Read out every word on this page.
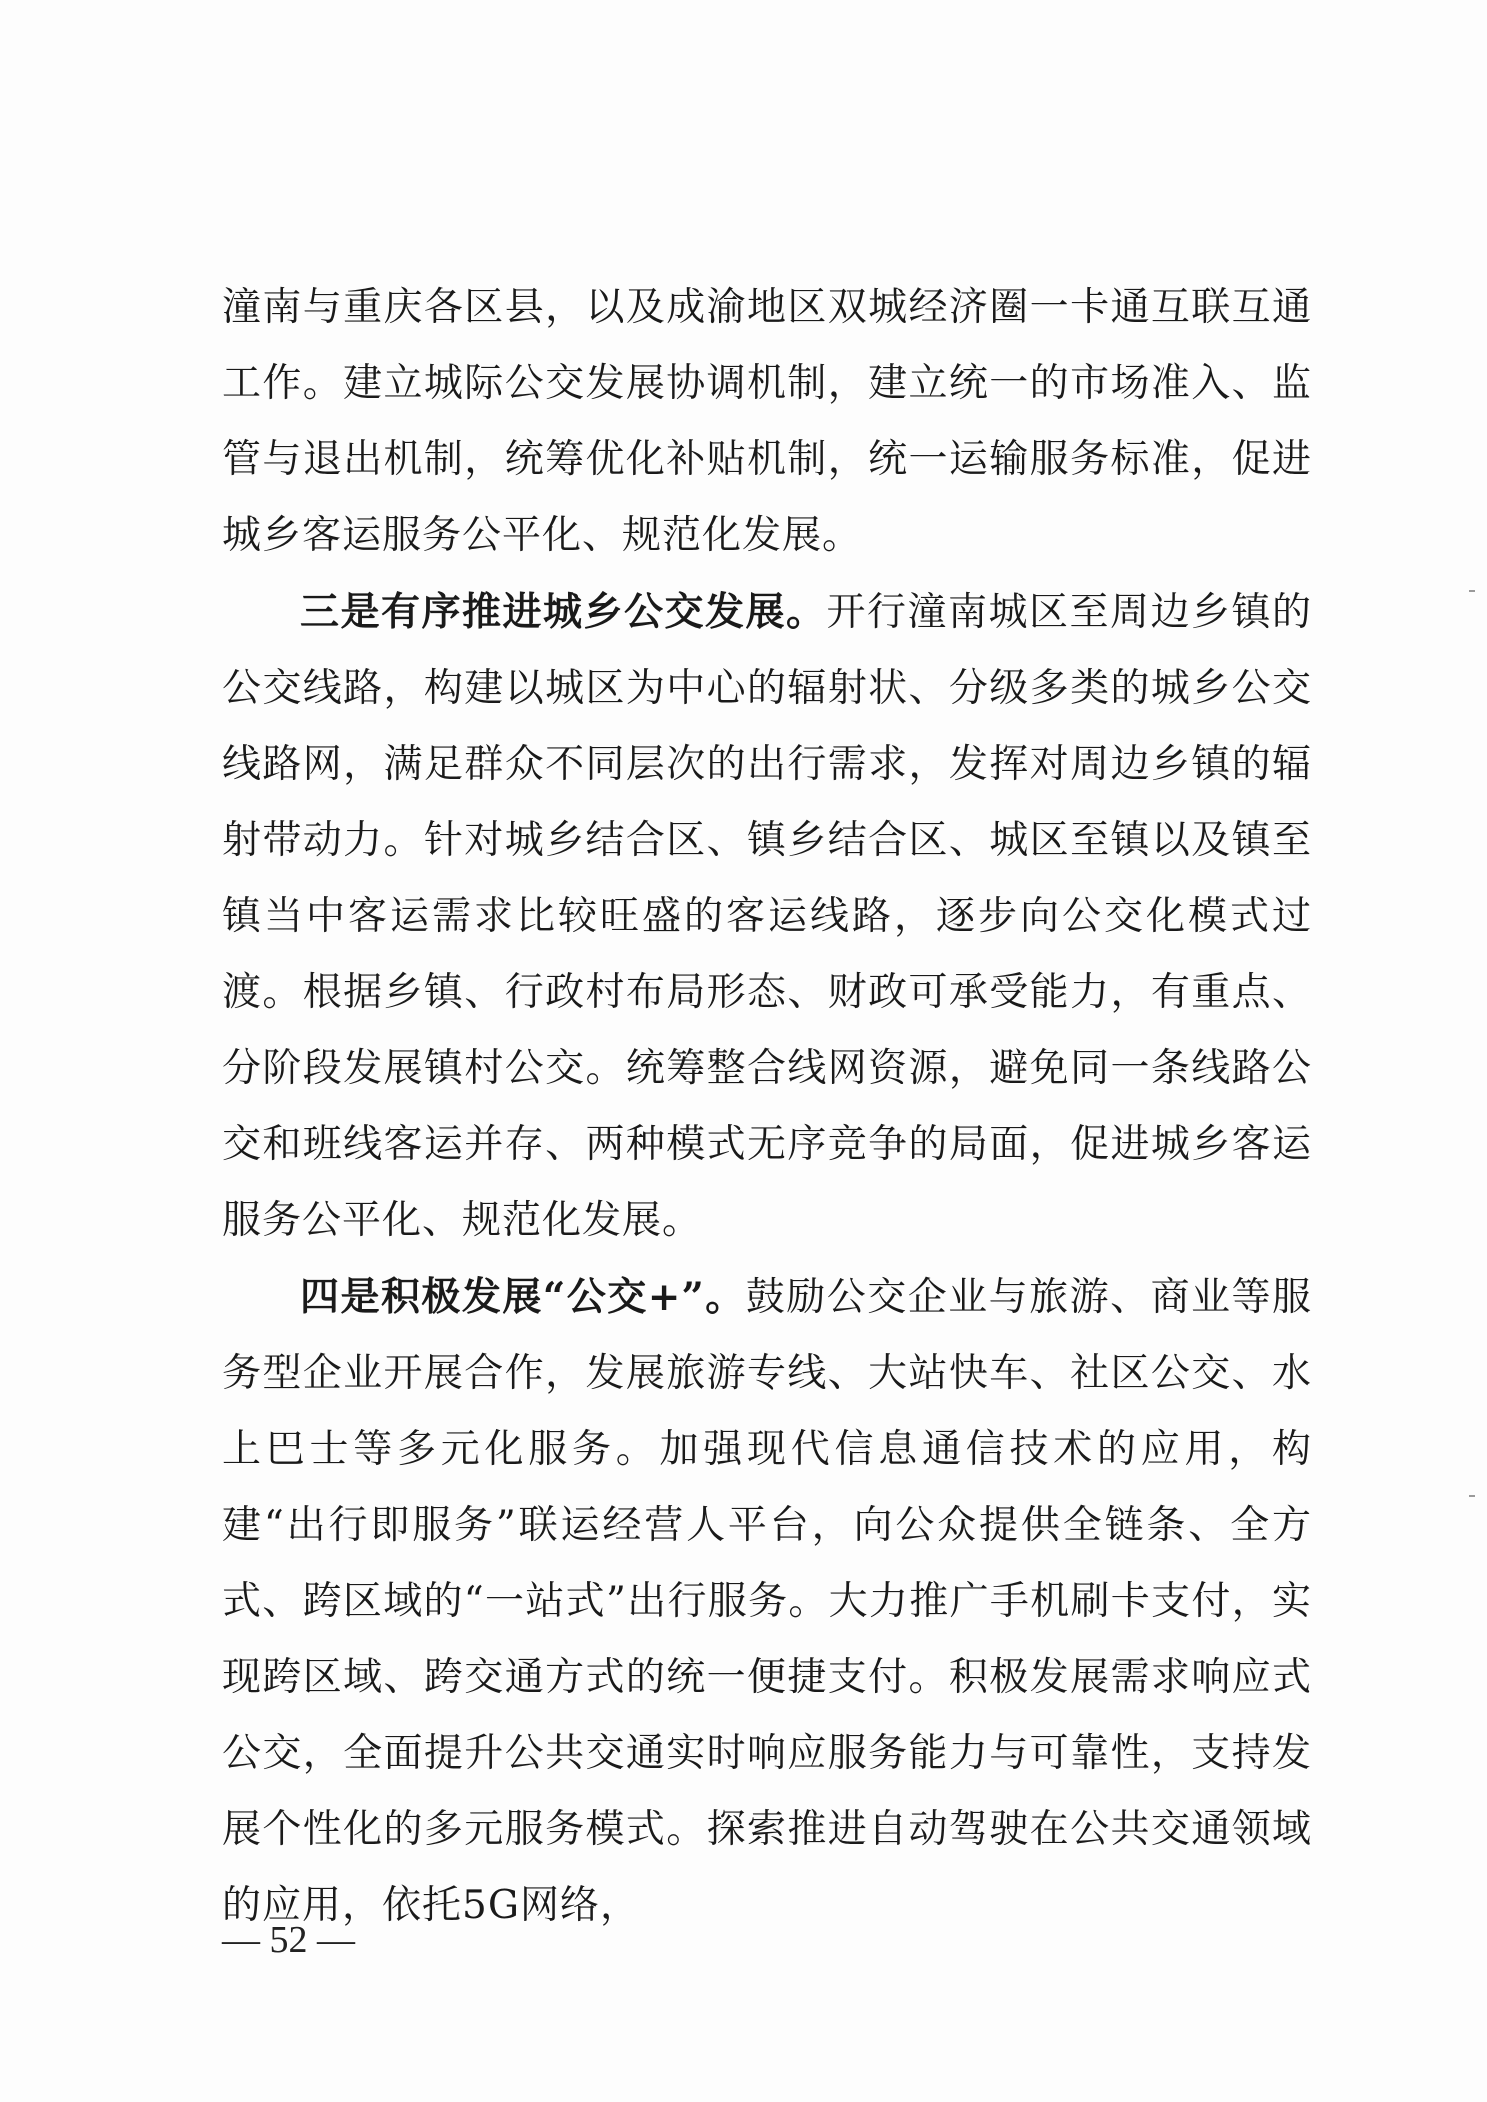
潼南与重庆各区县，以及成渝地区双城经济圈一卡通互联互通工作。建立城际公交发展协调机制，建立统一的市场准入、监管与退出机制，统筹优化补贴机制，统一运输服务标准，促进城乡客运服务公平化、规范化发展。

三是有序推进城乡公交发展。开行潼南城区至周边乡镇的公交线路，构建以城区为中心的辐射状、分级多类的城乡公交线路网，满足群众不同层次的出行需求，发挥对周边乡镇的辐射带动力。针对城乡结合区、镇乡结合区、城区至镇以及镇至镇当中客运需求比较旺盛的客运线路，逐步向公交化模式过渡。根据乡镇、行政村布局形态、财政可承受能力，有重点、分阶段发展镇村公交。统筹整合线网资源，避免同一条线路公交和班线客运并存、两种模式无序竞争的局面，促进城乡客运服务公平化、规范化发展。

四是积极发展“公交+”。鼓励公交企业与旅游、商业等服务型企业开展合作，发展旅游专线、大站快车、社区公交、水上巴士等多元化服务。加强现代信息通信技术的应用，构建“出行即服务”联运经营人平台，向公众提供全链条、全方式、跨区域的“一站式”出行服务。大力推广手机刷卡支付，实现跨区域、跨交通方式的统一便捷支付。积极发展需求响应式公交，全面提升公共交通实时响应服务能力与可靠性，支持发展个性化的多元服务模式。探索推进自动驾驶在公共交通领域的应用，依托5G网络，

— 52 —
